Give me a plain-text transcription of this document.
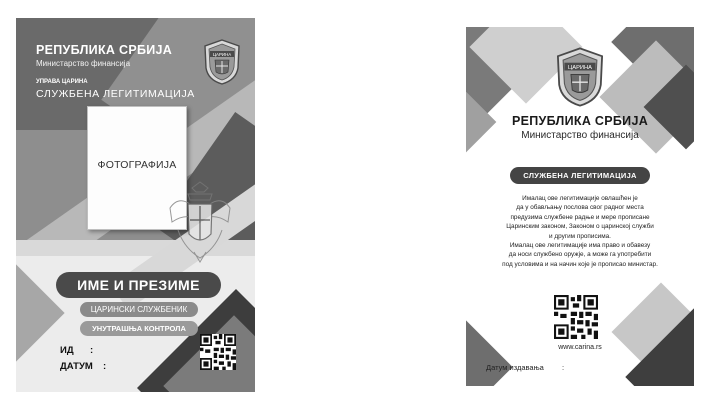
РЕПУБЛИКА СРБИЈА
Министарство финансија
УПРАВА ЦАРИНА
СЛУЖБЕНА ЛЕГИТИМАЦИЈА
ЦАРИНА
ФОТОГРАФИЈА
ИМЕ И ПРЕЗИМЕ
ЦАРИНСКИ СЛУЖБЕНИК
УНУТРАШЊА КОНТРОЛА
ИД :
ДАТУМ :
ЦАРИНА
РЕПУБЛИКА СРБИЈА
Министарство финансија
СЛУЖБЕНА ЛЕГИТИМАЦИЈА
Ималац ове легитимације овлашћен је
да у обављању послова свог радног места
предузима службене радње и мере прописане
Царинским законом, Законом о царинској служби
и другим прописима.
Ималац ове легитимације има право и обавезу
да носи службено оружје, а може га употребити
под условима и на начин које је прописао министар.
www.carina.rs
Датум издавања :
